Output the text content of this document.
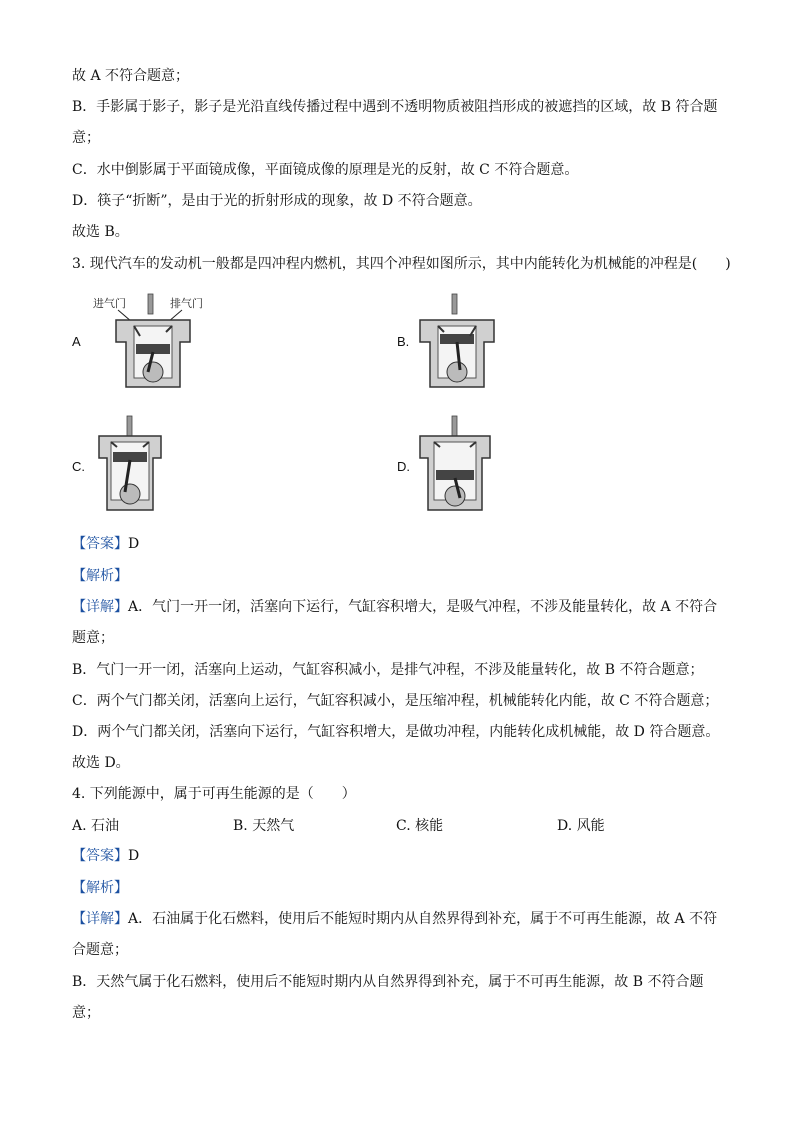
故 A 不符合题意；
B．手影属于影子，影子是光沿直线传播过程中遇到不透明物质被阻挡形成的被遮挡的区域，故 B 符合题
意；
C．水中倒影属于平面镜成像，平面镜成像的原理是光的反射，故 C 不符合题意。
D．筷子“折断”，是由于光的折射形成的现象，故 D 不符合题意。
故选 B。
3. 现代汽车的发动机一般都是四冲程内燃机，其四个冲程如图所示，其中内能转化为机械能的冲程是(　　)
A
进气门	排气门
B.
C.	D.
【答案】D
【解析】
【详解】A．气门一开一闭，活塞向下运行，气缸容积增大，是吸气冲程，不涉及能量转化，故 A 不符合
题意；
B．气门一开一闭，活塞向上运动，气缸容积减小，是排气冲程，不涉及能量转化，故 B 不符合题意；
C．两个气门都关闭，活塞向上运行，气缸容积减小，是压缩冲程，机械能转化内能，故 C 不符合题意；
D．两个气门都关闭，活塞向下运行，气缸容积增大，是做功冲程，内能转化成机械能，故 D 符合题意。
故选 D。
4. 下列能源中，属于可再生能源的是（　　）
A. 石油	B. 天然气	C. 核能	D. 风能
【答案】D
【解析】
【详解】A．石油属于化石燃料，使用后不能短时期内从自然界得到补充，属于不可再生能源，故 A 不符
合题意；
B．天然气属于化石燃料，使用后不能短时期内从自然界得到补充，属于不可再生能源，故 B 不符合题
意；
